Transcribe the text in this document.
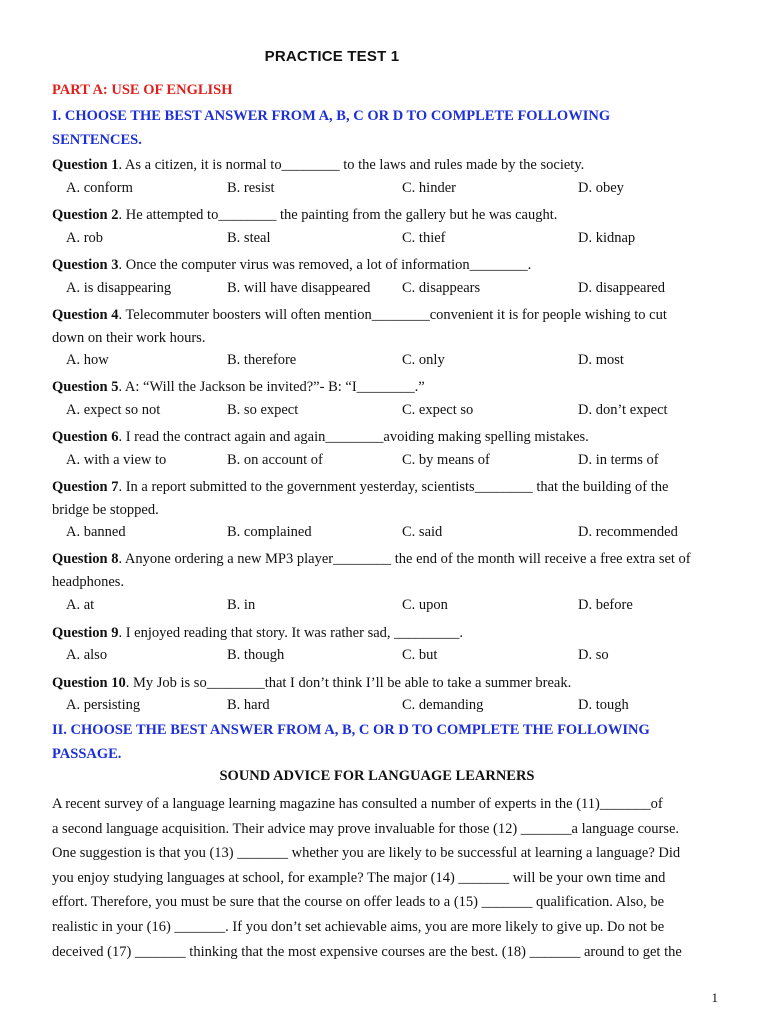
PRACTICE TEST 1
PART A: USE OF ENGLISH
I. CHOOSE THE BEST ANSWER FROM A, B, C OR D TO COMPLETE FOLLOWING
SENTENCES.
Question 1. As a citizen, it is normal to________ to the laws and rules made by the society.
A. conform	B. resist	C. hinder	D. obey
Question 2. He attempted to________ the painting from the gallery but he was caught.
A. rob	B. steal	C. thief	D. kidnap
Question 3. Once the computer virus was removed, a lot of information________.
A. is disappearing	B. will have disappeared C. disappears	D. disappeared
Question 4. Telecommuter boosters will often mention________convenient it is for people wishing to cut down on their work hours.
A. how	B. therefore	C. only	D. most
Question 5. A: “Will the Jackson be invited?”- B: “I________.”
A. expect so not	B. so expect	C. expect so	D. don’t expect
Question 6. I read the contract again and again________avoiding making spelling mistakes.
A. with a view to	B. on account of	C. by means of	D. in terms of
Question 7. In a report submitted to the government yesterday, scientists________ that the building of the bridge be stopped.
A. banned	B. complained	C. said	D. recommended
Question 8. Anyone ordering a new MP3 player________ the end of the month will receive a free extra set of headphones.
A. at	B. in	C. upon	D. before
Question 9. I enjoyed reading that story. It was rather sad, _________.
A. also	B. though	C. but	D. so
Question 10. My Job is so________that I don’t think I’ll be able to take a summer break.
A. persisting	B. hard	C. demanding	D. tough
II. CHOOSE THE BEST ANSWER FROM A, B, C OR D TO COMPLETE THE FOLLOWING
PASSAGE.
SOUND ADVICE FOR LANGUAGE LEARNERS
A recent survey of a language learning magazine has consulted a number of experts in the (11)_______of
a second language acquisition. Their advice may prove invaluable for those (12) _______a language course.
One suggestion is that you (13) _______ whether you are likely to be successful at learning a language? Did
you enjoy studying languages at school, for example? The major (14) _______ will be your own time and
effort. Therefore, you must be sure that the course on offer leads to a (15) _______ qualification. Also, be
realistic in your (16) _______. If you don’t set achievable aims, you are more likely to give up. Do not be
deceived (17) _______ thinking that the most expensive courses are the best. (18) _______ around to get the
1
